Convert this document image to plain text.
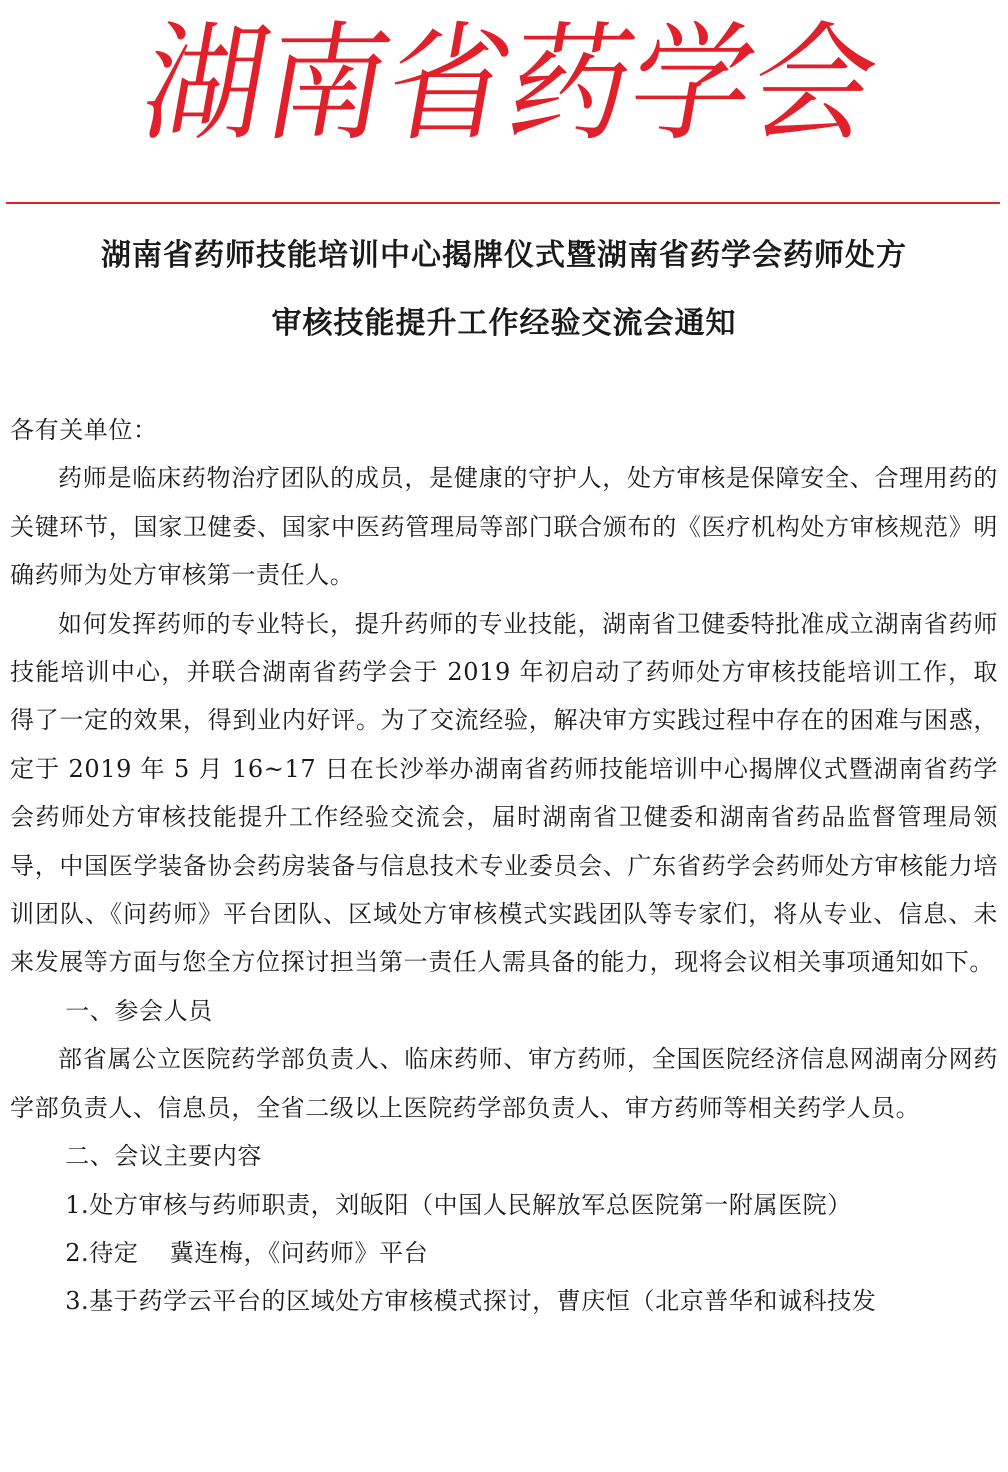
湖南省药学会
湖南省药师技能培训中心揭牌仪式暨湖南省药学会药师处方
审核技能提升工作经验交流会通知

各有关单位：

药师是临床药物治疗团队的成员，是健康的守护人，处方审核是保障安全、合理用药的关键环节，国家卫健委、国家中医药管理局等部门联合颁布的《医疗机构处方审核规范》明确药师为处方审核第一责任人。

如何发挥药师的专业特长，提升药师的专业技能，湖南省卫健委特批准成立湖南省药师技能培训中心，并联合湖南省药学会于 2019 年初启动了药师处方审核技能培训工作，取得了一定的效果，得到业内好评。为了交流经验，解决审方实践过程中存在的困难与困惑，定于 2019 年 5 月 16~17 日在长沙举办湖南省药师技能培训中心揭牌仪式暨湖南省药学会药师处方审核技能提升工作经验交流会，届时湖南省卫健委和湖南省药品监督管理局领导，中国医学装备协会药房装备与信息技术专业委员会、广东省药学会药师处方审核能力培训团队、《问药师》平台团队、区域处方审核模式实践团队等专家们，将从专业、信息、未来发展等方面与您全方位探讨担当第一责任人需具备的能力，现将会议相关事项通知如下。

一、参会人员

部省属公立医院药学部负责人、临床药师、审方药师，全国医院经济信息网湖南分网药学部负责人、信息员，全省二级以上医院药学部负责人、审方药师等相关药学人员。

二、会议主要内容

1.处方审核与药师职责，刘皈阳（中国人民解放军总医院第一附属医院）

2.待定 冀连梅，《问药师》平台

3.基于药学云平台的区域处方审核模式探讨，曹庆恒（北京普华和诚科技发
